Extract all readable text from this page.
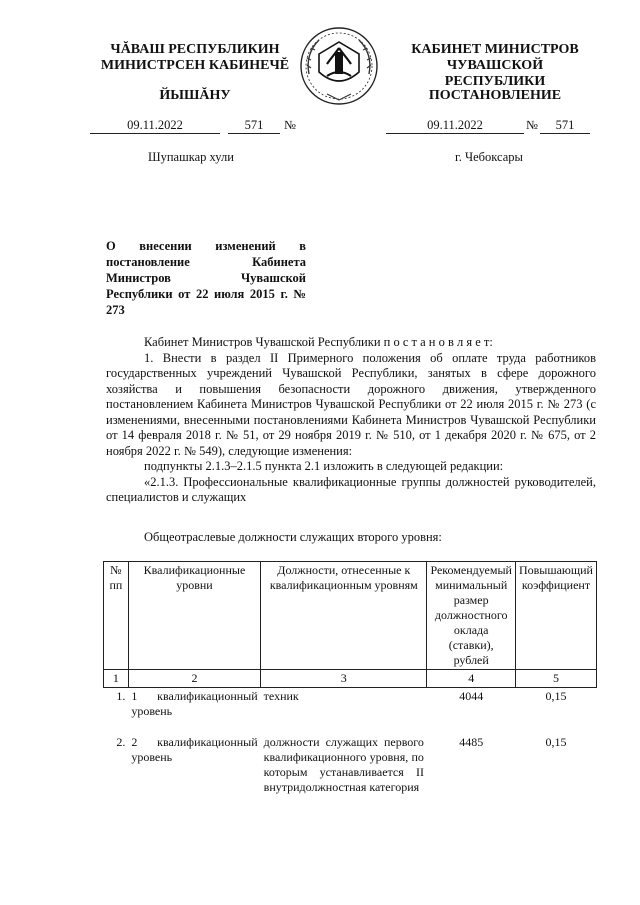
ЧĂВАШ РЕСПУБЛИКИН
МИНИСТРСЕН КАБИНЕЧĔ
ЙЫШĂНУ
КАБИНЕТ МИНИСТРОВ
ЧУВАШСКОЙ РЕСПУБЛИКИ
ПОСТАНОВЛЕНИЕ
09.11.2022	571	№	09.11.2022	№	571
Шупашкар хули	г. Чебоксары
О внесении изменений в постановление Кабинета Министров Чувашской Республики от 22 июля 2015 г. № 273
Кабинет Министров Чувашской Республики п о с т а н о в л я е т:
1. Внести в раздел II Примерного положения об оплате труда работников государственных учреждений Чувашской Республики, занятых в сфере дорожного хозяйства и повышения безопасности дорожного движения, утвержденного постановлением Кабинета Министров Чувашской Республики от 22 июля 2015 г. № 273 (с изменениями, внесенными постановлениями Кабинета Министров Чувашской Республики от 14 февраля 2018 г. № 51, от 29 ноября 2019 г. № 510, от 1 декабря 2020 г. № 675, от 2 ноября 2022 г. № 549), следующие изменения:
подпункты 2.1.3–2.1.5 пункта 2.1 изложить в следующей редакции:
«2.1.3. Профессиональные квалификационные группы должностей руководителей, специалистов и служащих
Общеотраслевые должности служащих второго уровня:
№ пп	Квалификационные уровни	Должности, отнесенные к квалификационным уровням	Рекомендуемый минимальный размер должностного оклада (ставки), рублей	Повышающий коэффициент
1	2	3	4	5
1.	1 квалификационный уровень	техник	4044	0,15
2.	2 квалификационный уровень	должности служащих первого квалификационного уровня, по которым устанавливается II внутридолжностная категория	4485	0,15
